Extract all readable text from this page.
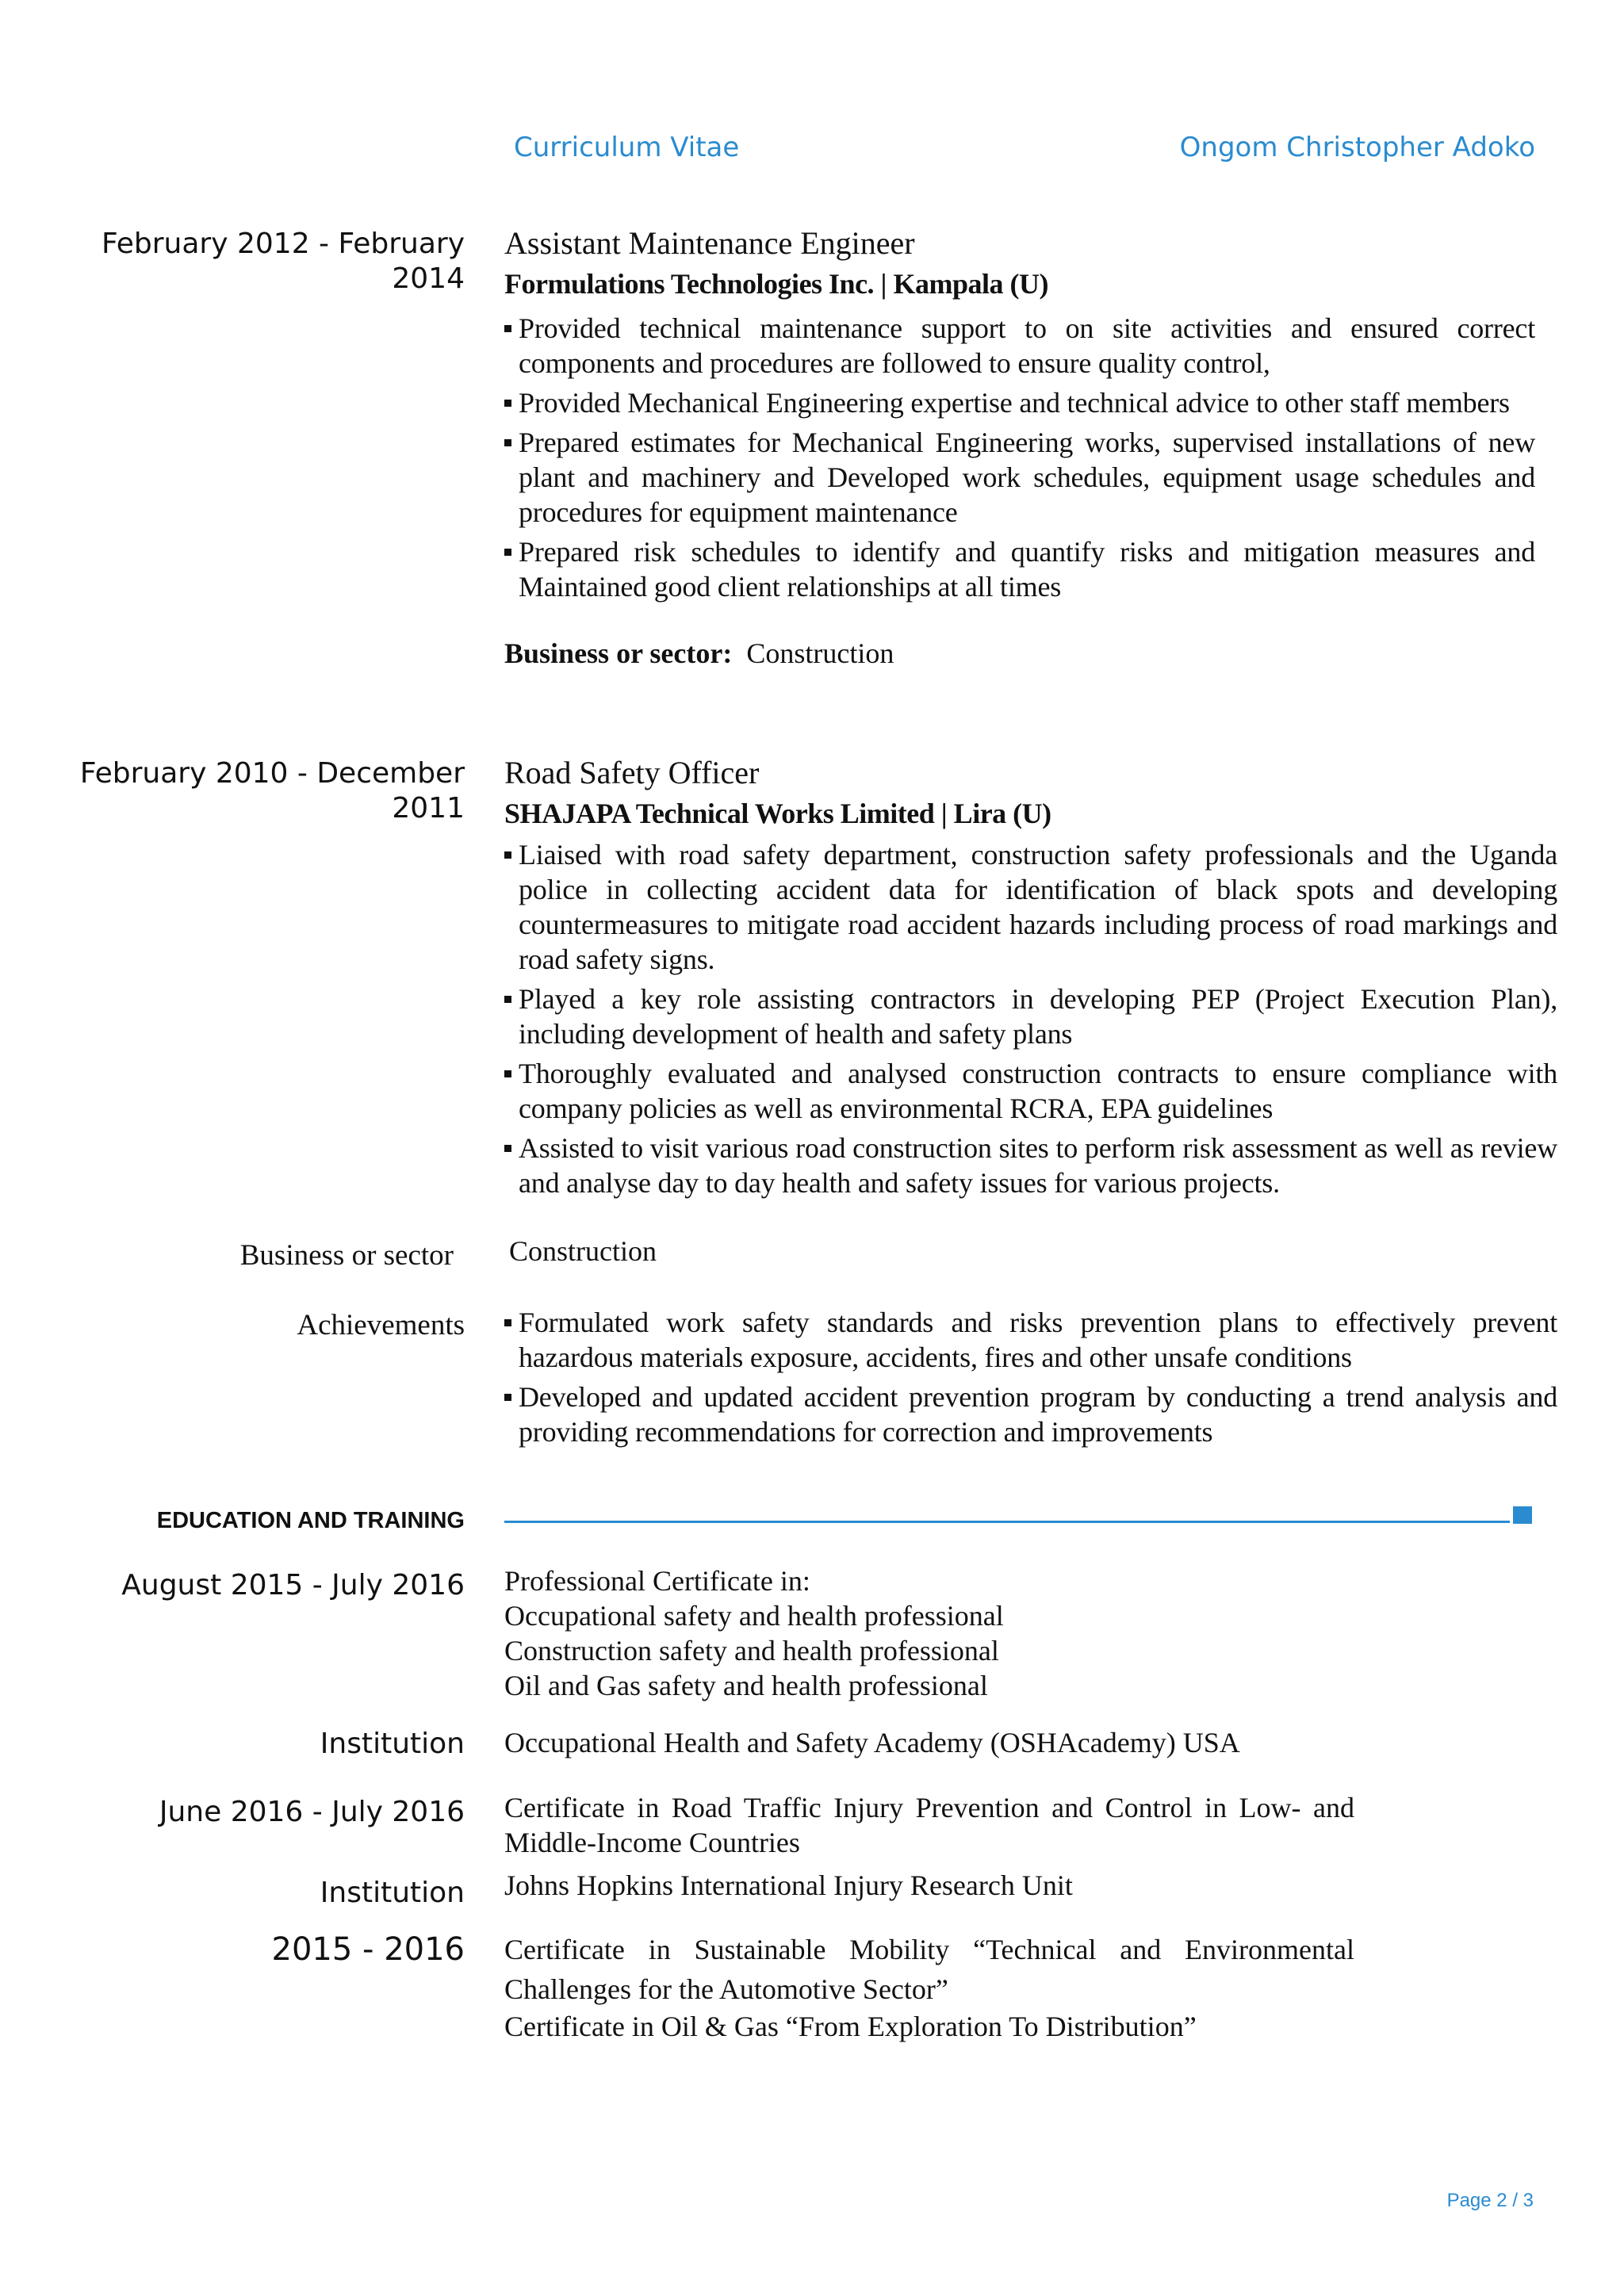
Curriculum Vitae	Ongom Christopher Adoko
February 2012 - February
2014

Assistant Maintenance Engineer

Formulations Technologies Inc. | Kampala (U)

Provided technical maintenance support to on site activities and ensured correct components and procedures are followed to ensure quality control,
Provided Mechanical Engineering expertise and technical advice to other staff members
Prepared estimates for Mechanical Engineering works, supervised installations of new plant and machinery and Developed work schedules, equipment usage schedules and procedures for equipment maintenance
Prepared risk schedules to identify and quantify risks and mitigation measures and Maintained good client relationships at all times

Business or sector: Construction

February 2010 - December
2011

Road Safety Officer

SHAJAPA Technical Works Limited | Lira (U)

Liaised with road safety department, construction safety professionals and the Uganda police in collecting accident data for identification of black spots and developing countermeasures to mitigate road accident hazards including process of road markings and road safety signs.
Played a key role assisting contractors in developing PEP (Project Execution Plan), including development of health and safety plans
Thoroughly evaluated and analysed construction contracts to ensure compliance with company policies as well as environmental RCRA, EPA guidelines
Assisted to visit various road construction sites to perform risk assessment as well as review and analyse day to day health and safety issues for various projects.
Business or sector Construction

Achievements	Formulated work safety standards and risks prevention plans to effectively prevent hazardous materials exposure, accidents, fires and other unsafe conditions
Developed and updated accident prevention program by conducting a trend analysis and providing recommendations for correction and improvements
EDUCATION AND TRAINING
August 2015 - July 2016 Professional Certificate in:

Occupational safety and health professional

Construction safety and health professional

Oil and Gas safety and health professional

Institution Occupational Health and Safety Academy (OSHAcademy) USA

June 2016 - July 2016 Certificate in Road Traffic Injury Prevention and Control in Low- and Middle-Income Countries

Institution Johns Hopkins International Injury Research Unit

2015 - 2016 Certificate in Sustainable Mobility “Technical and Environmental Challenges for the Automotive Sector”

Certificate in Oil & Gas “From Exploration To Distribution”

Page 2 / 3
